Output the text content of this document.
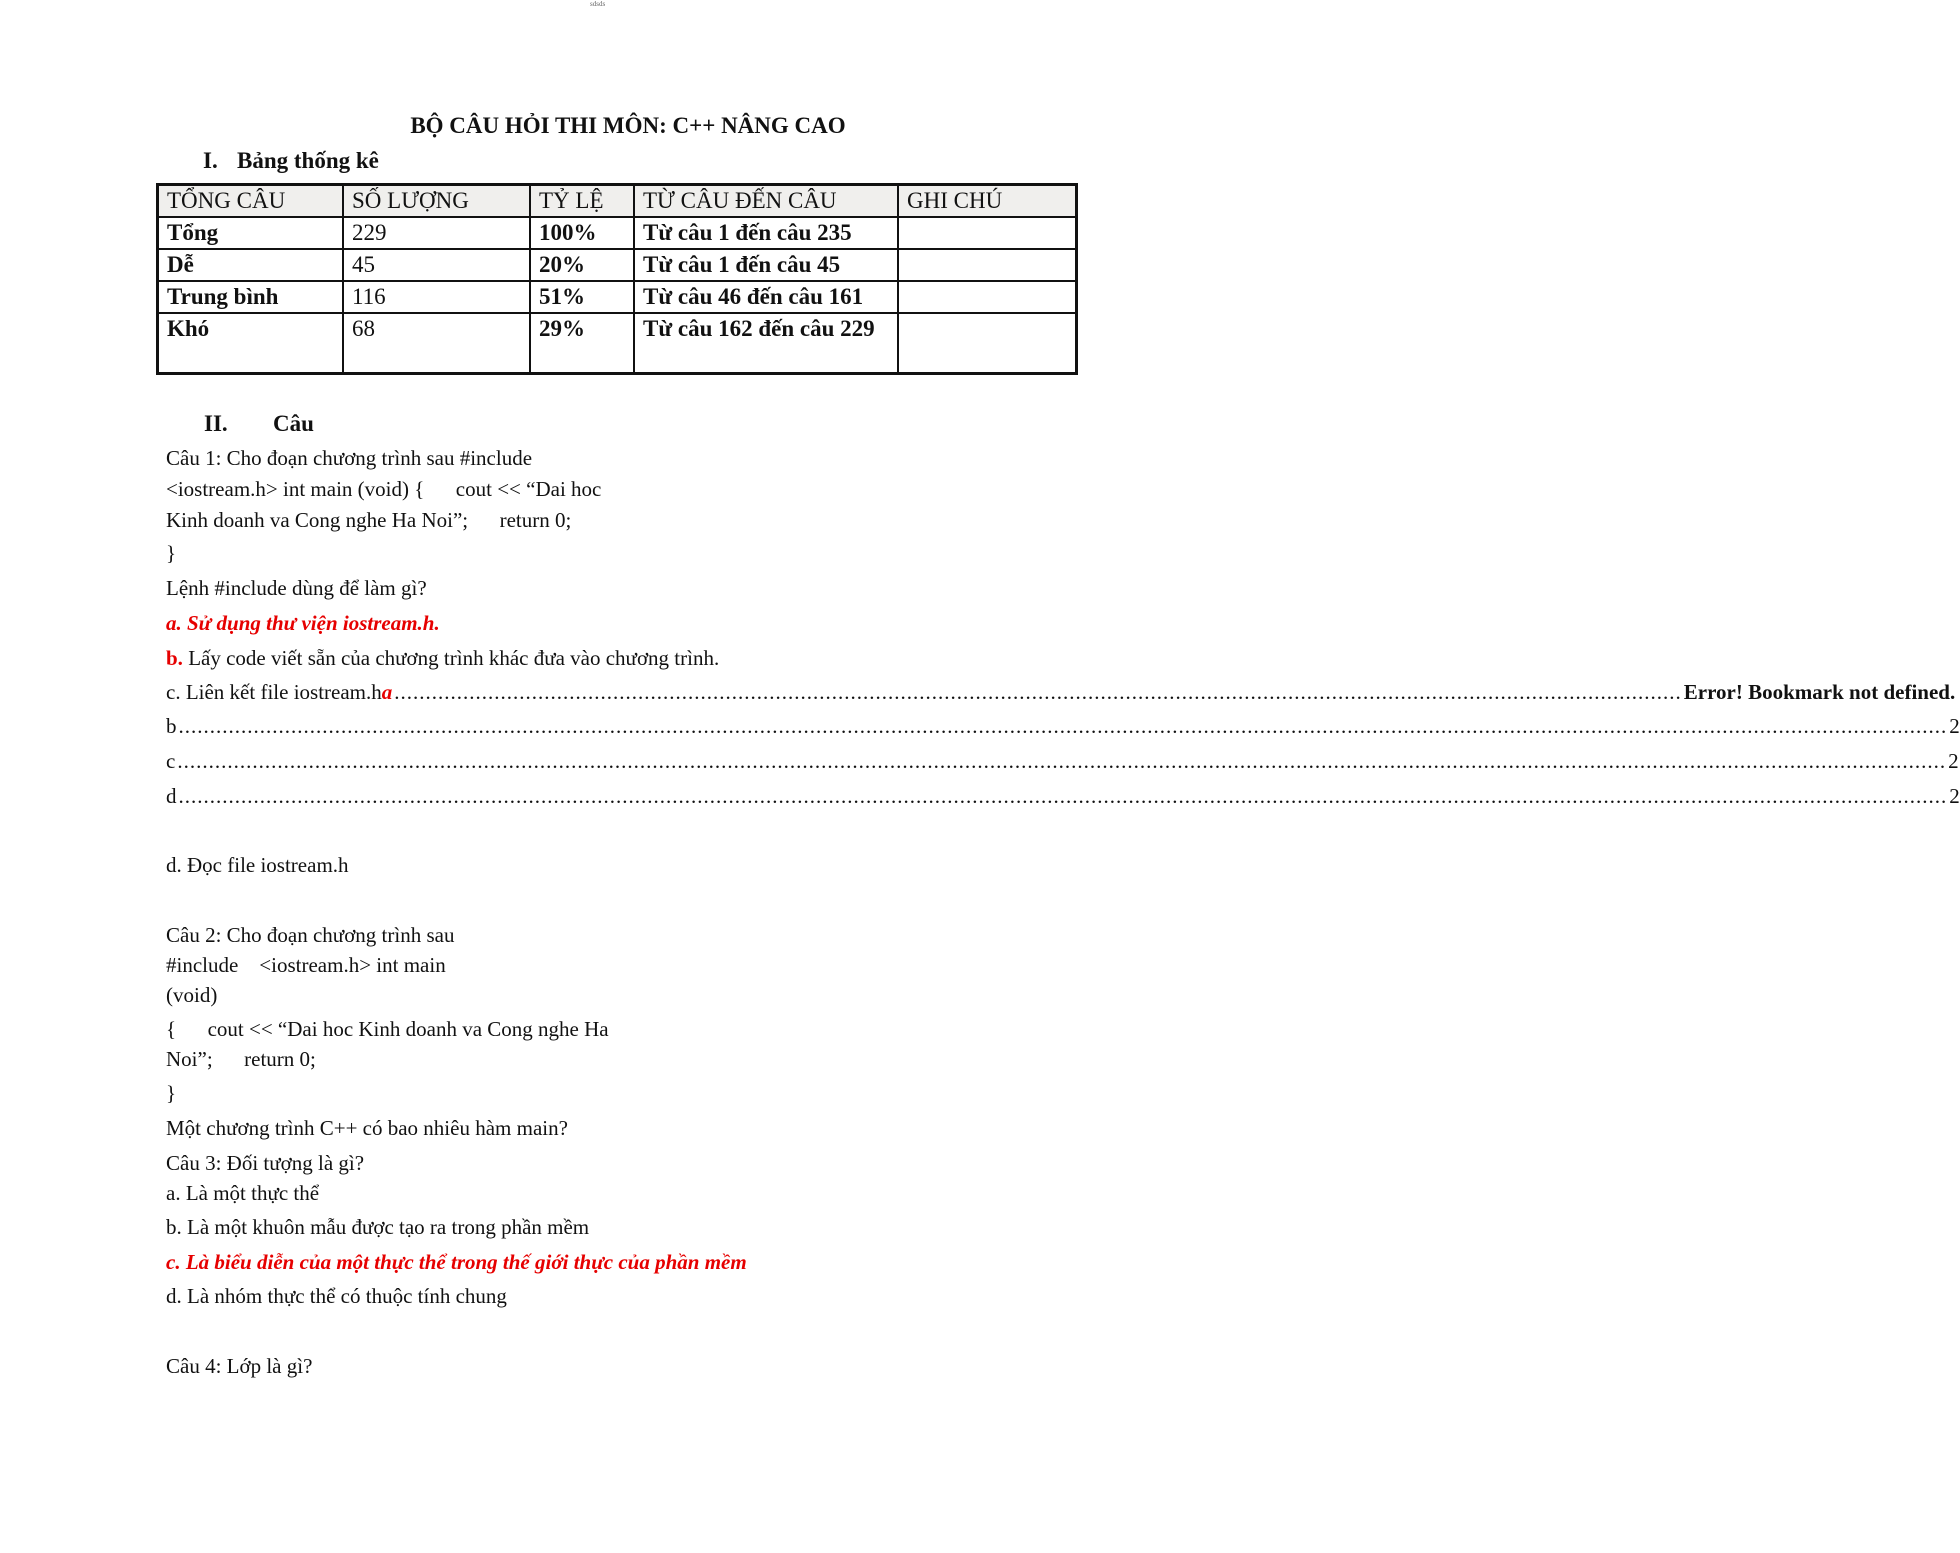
sdsds
BỘ CÂU HỎI THI MÔN: C++ NÂNG CAO
I. Bảng thống kê
TỔNG CÂU	SỐ LƯỢNG	TỶ LỆ	TỪ CÂU ĐẾN CÂU	GHI CHÚ
Tổng	229	100%	Từ câu 1 đến câu 235	
Dễ	45	20%	Từ câu 1 đến câu 45	
Trung bình	116	51%	Từ câu 46 đến câu 161	
Khó	68	29%	Từ câu 162 đến câu 229	
II. Câu
Câu 1: Cho đoạn chương trình sau #include
<iostream.h> int main (void) {      cout << “Dai hoc
Kinh doanh va Cong nghe Ha Noi”;      return 0;
}
Lệnh #include dùng để làm gì?
a. Sử dụng thư viện iostream.h.
b. Lấy code viết sẵn của chương trình khác đưa vào chương trình.
c. Liên kết file iostream.h a .............................................................................................................................................................................................................. Error! Bookmark not defined.
b ........................................................................................................................................................................................................................................................................................... 2
c ........................................................................................................................................................................................................................................................................................... 2
d ........................................................................................................................................................................................................................................................................................... 2
d. Đọc file iostream.h
Câu 2: Cho đoạn chương trình sau
#include    <iostream.h> int main
(void)
{      cout << “Dai hoc Kinh doanh va Cong nghe Ha
Noi”;      return 0;
}
Một chương trình C++ có bao nhiêu hàm main?
Câu 3: Đối tượng là gì?
a. Là một thực thể
b. Là một khuôn mẫu được tạo ra trong phần mềm
c. Là biểu diễn của một thực thể trong thế giới thực của phần mềm
d. Là nhóm thực thể có thuộc tính chung
Câu 4: Lớp là gì?
